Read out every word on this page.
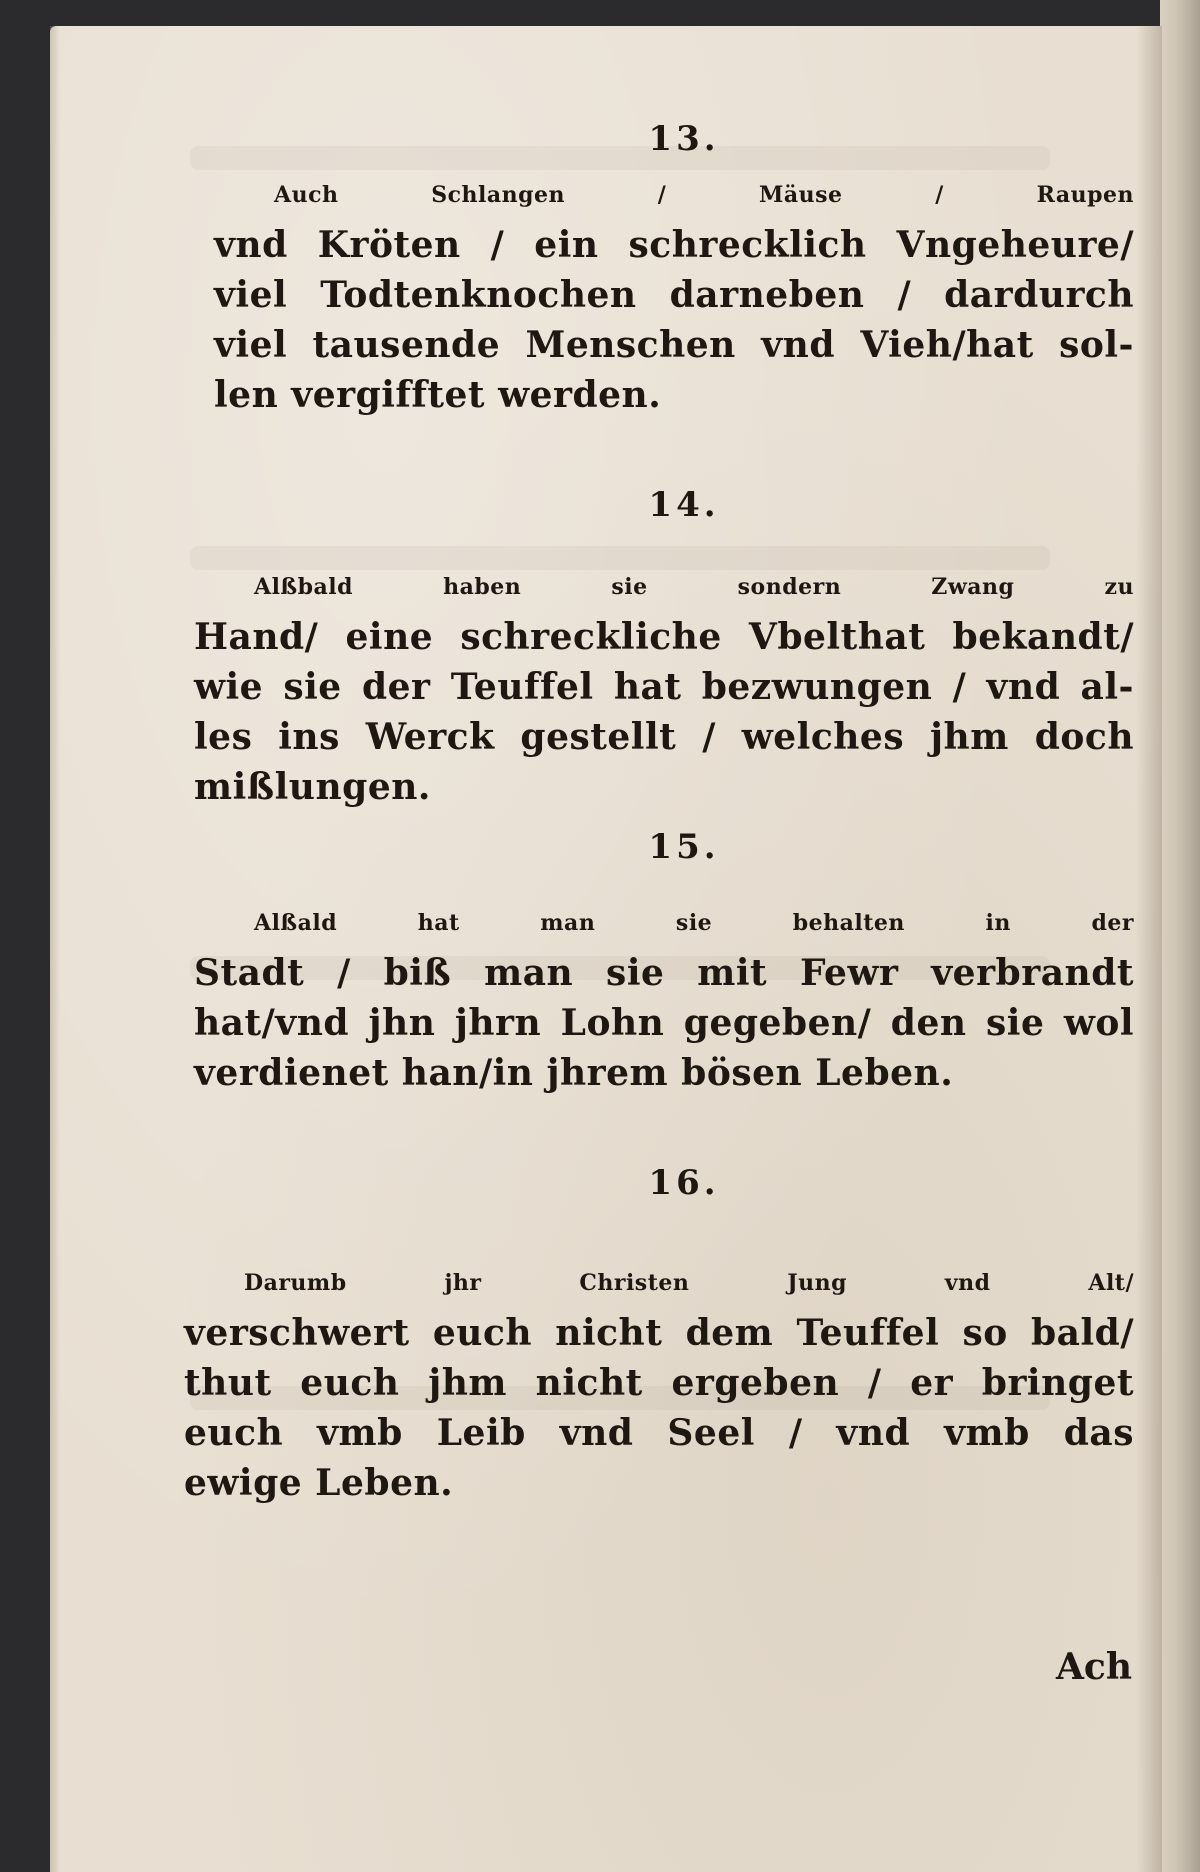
13.

Auch Schlangen / Mäuse / Raupen
vnd Kröten / ein schrecklich Vngeheure/
viel Todtenknochen darneben / dardurch
viel tausende Menschen vnd Vieh/hat sol-
len vergifftet werden.

14.

Alßbald haben sie sondern Zwang zu
Hand/ eine schreckliche Vbelthat bekandt/
wie sie der Teuffel hat bezwungen / vnd al-
les ins Werck gestellt / welches jhm doch
mißlungen.

15.

Alßald hat man sie behalten in der
Stadt / biß man sie mit Fewr verbrandt
hat/vnd jhn jhrn Lohn gegeben/ den sie wol
verdienet han/in jhrem bösen Leben.

16.

Darumb jhr Christen Jung vnd Alt/
verschwert euch nicht dem Teuffel so bald/
thut euch jhm nicht ergeben / er bringet
euch vmb Leib vnd Seel / vnd vmb das
ewige Leben.

Ach
